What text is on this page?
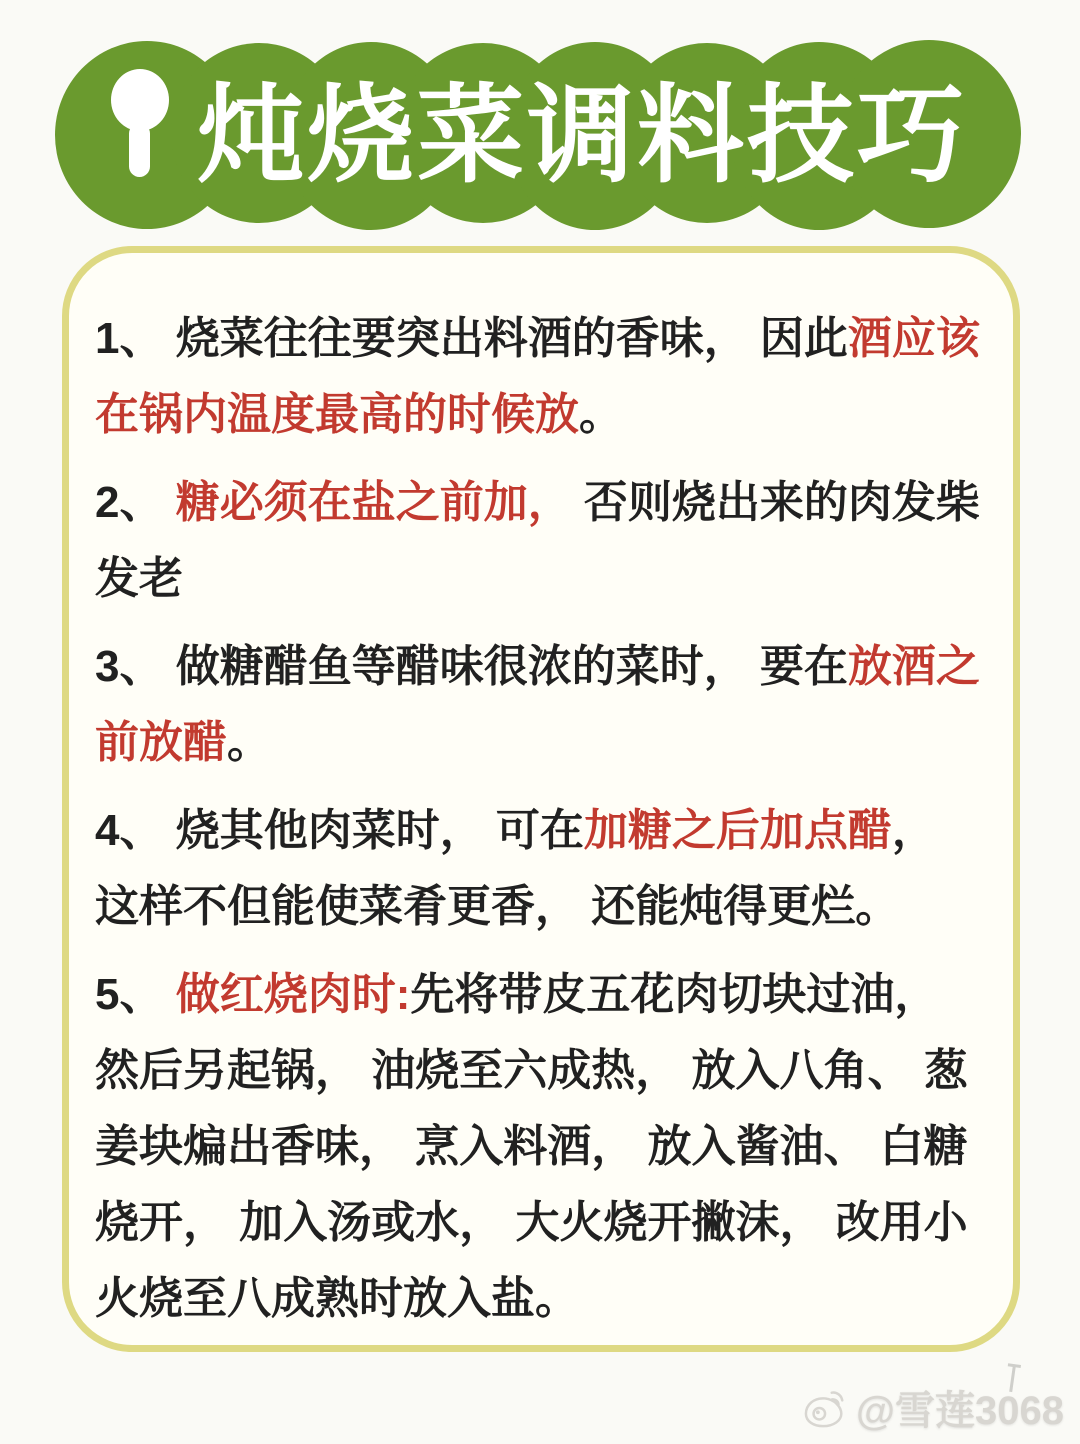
炖烧菜调料技巧

1、 烧菜往往要突出料酒的香味， 因此酒应该在锅内温度最高的时候放。

2、 糖必须在盐之前加， 否则烧出来的肉发柴发老

3、 做糖醋鱼等醋味很浓的菜时， 要在放酒之前放醋。

4、 烧其他肉菜时， 可在加糖之后加点醋， 这样不但能使菜肴更香， 还能炖得更烂。

5、 做红烧肉时:先将带皮五花肉切块过油， 然后另起锅， 油烧至六成热， 放入八角、 葱姜块煸出香味， 烹入料酒， 放入酱油、 白糖烧开， 加入汤或水， 大火烧开撇沫， 改用小火烧至八成熟时放入盐。

@雪莲3068
